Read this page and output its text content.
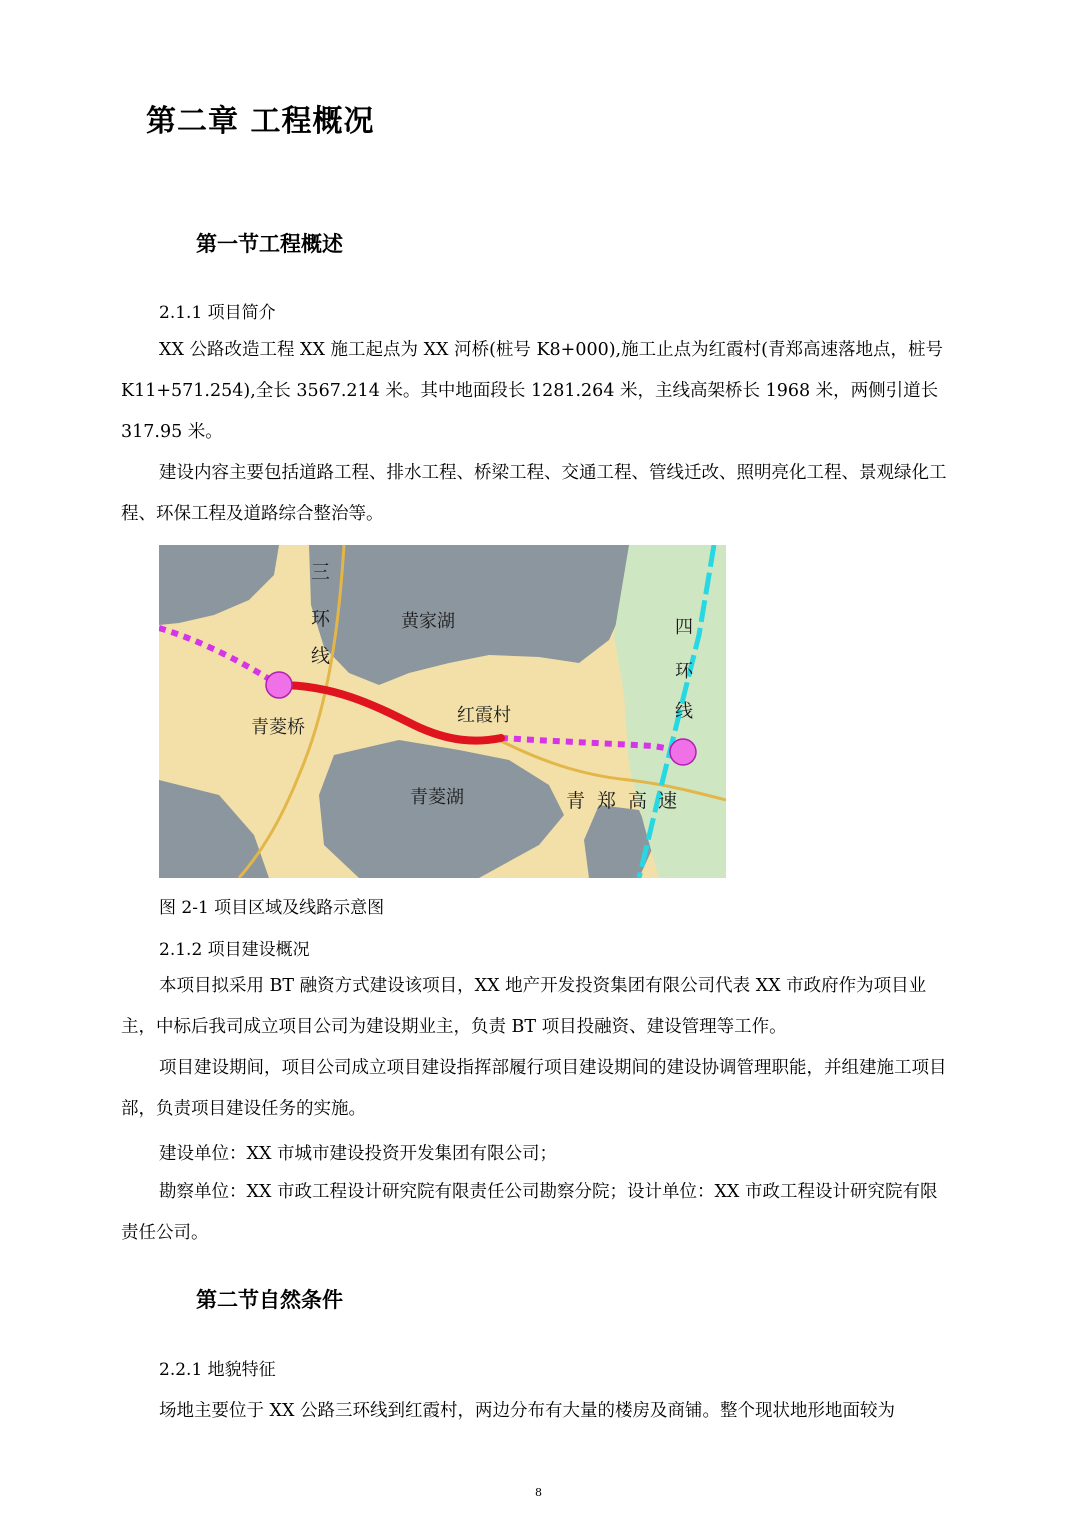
第二章 工程概况
第一节工程概述
2.1.1 项目简介
XX 公路改造工程 XX 施工起点为 XX 河桥(桩号 K8+000),施工止点为红霞村(青郑高速落地点，桩号 K11+571.254),全长 3567.214 米。其中地面段长 1281.264 米，主线高架桥长 1968 米，两侧引道长 317.95 米。
建设内容主要包括道路工程、排水工程、桥梁工程、交通工程、管线迁改、照明亮化工程、景观绿化工程、环保工程及道路综合整治等。
三
环
线
黄家湖	四
环
线
青菱桥
红霞村
青菱湖	青 郑 高 速
图 2-1 项目区域及线路示意图
2.1.2 项目建设概况
本项目拟采用 BT 融资方式建设该项目，XX 地产开发投资集团有限公司代表 XX 市政府作为项目业主，中标后我司成立项目公司为建设期业主，负责 BT 项目投融资、建设管理等工作。
项目建设期间，项目公司成立项目建设指挥部履行项目建设期间的建设协调管理职能，并组建施工项目部，负责项目建设任务的实施。
建设单位：XX 市城市建设投资开发集团有限公司；
勘察单位：XX 市政工程设计研究院有限责任公司勘察分院；设计单位：XX 市政工程设计研究院有限责任公司。
第二节自然条件
2.2.1 地貌特征
场地主要位于 XX 公路三环线到红霞村，两边分布有大量的楼房及商铺。整个现状地形地面较为
8
